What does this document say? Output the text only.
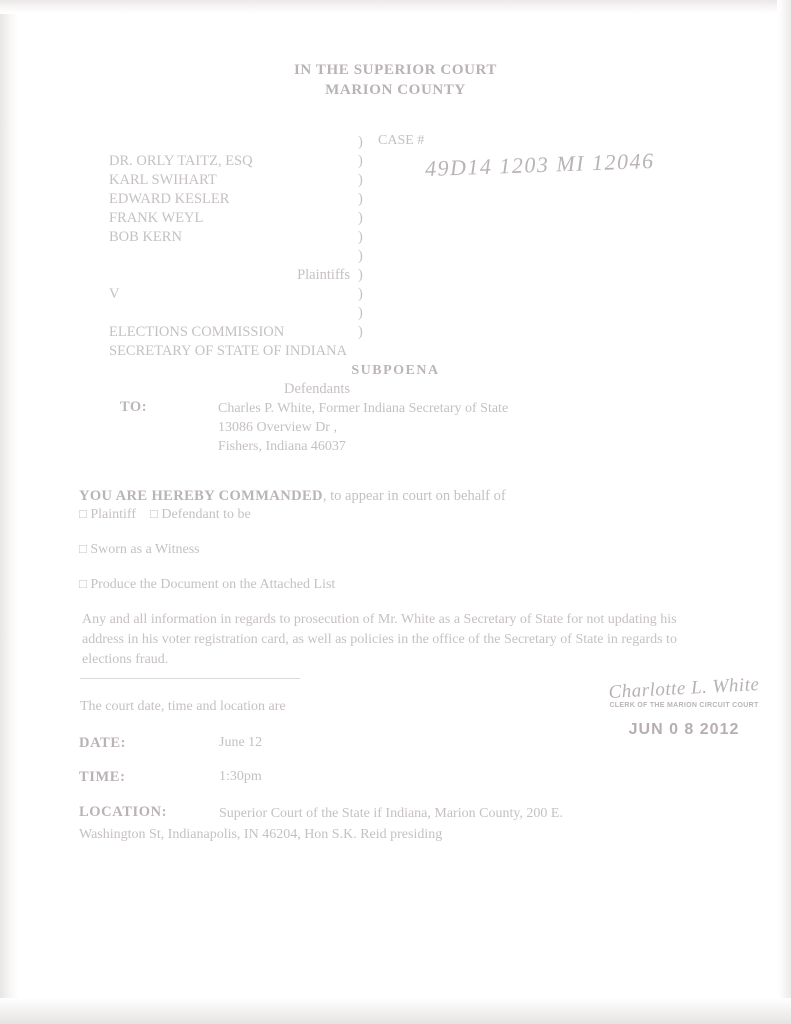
IN THE SUPERIOR COURT
MARION COUNTY

DR. ORLY TAITZ, ESQ

)

KARL SWIHART

)

EDWARD KESLER

)

FRANK WEYL

)

BOB KERN

)

Plaintiffs

)

)

V

)

)

ELECTIONS COMMISSION

)

SECRETARY OF STATE OF INDIANA

)

Defendants

CASE #
49D14 1203 MI 12046
SUBPOENA
TO:	Charles P. White, Former Indiana Secretary of State
13086 Overview Dr ,
Fishers, Indiana 46037
YOU ARE HEREBY COMMANDED, to appear in court on behalf of
□ Plaintiff □ Defendant to be
□ Sworn as a Witness
□ Produce the Document on the Attached List
Any and all information in regards to prosecution of Mr. White as a Secretary of State for not updating his address in his voter registration card, as well as policies in the office of the Secretary of State in regards to elections fraud.
The court date, time and location are
DATE:	June 12
TIME:	1:30pm
LOCATION:	Superior Court of the State if Indiana, Marion County, 200 E.
Washington St, Indianapolis, IN 46204, Hon S.K. Reid presiding
Charlotte L. White
CLERK OF THE MARION CIRCUIT COURT
JUN 0 8 2012
